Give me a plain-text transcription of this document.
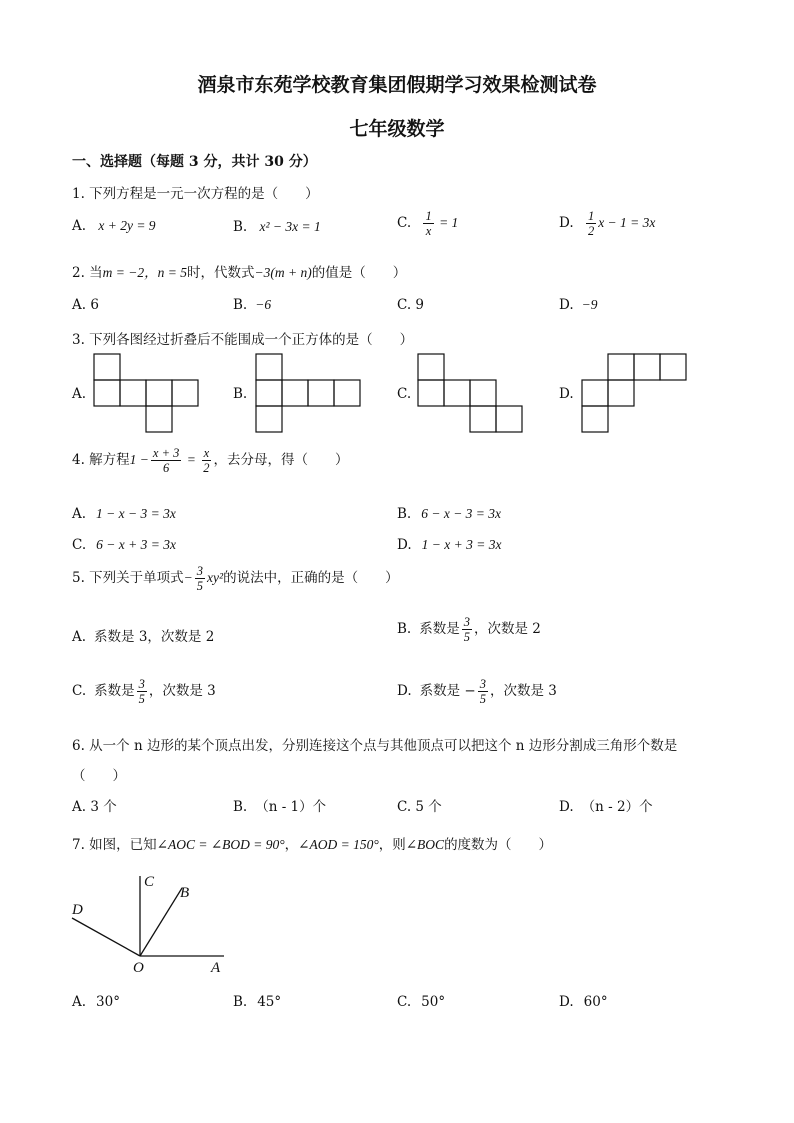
酒泉市东苑学校教育集团假期学习效果检测试卷
七年级数学
一、选择题（每题 3 分，共计 30 分）
1. 下列方程是一元一次方程的是（　　）
A. x + 2y = 9	B. x² − 3x = 1	C. $\frac{1}{x} = 1$	D. $\frac{1}{2}$ x − 1 = 3x
2. 当m = −2，n = 5时，代数式−3(m + n)的值是（　　）
A. 6	B. −6	C. 9	D. −9
3. 下列各图经过折叠后不能围成一个正方体的是（　　）
A.	B.	C.	D.
4. 解方程$1 - \frac{x + 3}{6} = \frac{x}{2}$ ，去分母，得（　　）
A. 1 − x − 3 = 3x	B. 6 − x − 3 = 3x
C. 6 − x + 3 = 3x	D. 1 − x + 3 = 3x
5. 下列关于单项式− $\frac{3}{5} xy^2$的说法中，正确的是（　　）
A. 系数是 3，次数是 2	B. 系数是 $\frac{3}{5}$ ，次数是 2
C. 系数是 $\frac{3}{5}$ ，次数是 3	D. 系数是 − $\frac{3}{5}$ ，次数是 3
6. 从一个 n 边形的某个顶点出发，分别连接这个点与其他顶点可以把这个 n 边形分割成三角形个数是
（　　）
A. 3 个	B. （n - 1）个	C. 5 个	D. （n - 2）个
7. 如图，已知∠AOC = ∠BOD = 90°，∠AOD = 150°，则∠BOC的度数为（　　）
C
B
D
O	A
A. 30°	B. 45°	C. 50°	D. 60°
